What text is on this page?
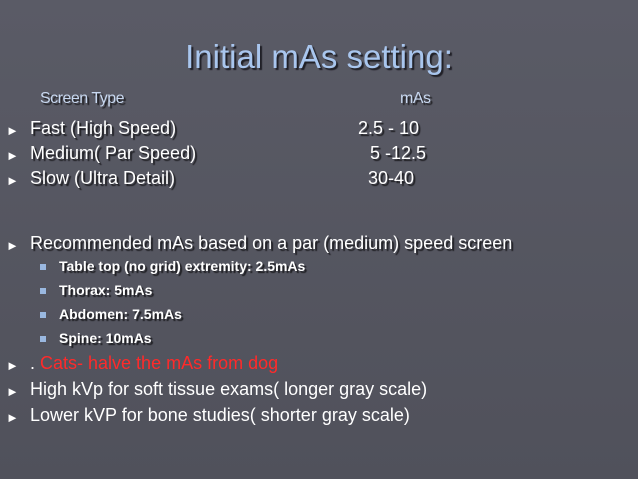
Initial mAs setting:
Screen Type	mAs
► Fast (High Speed)	2.5 - 10
► Medium( Par Speed)	5 -12.5
► Slow (Ultra Detail)	30-40
► Recommended mAs based on a par (medium) speed screen
Table top (no grid) extremity: 2.5mAs
Thorax: 5mAs
Abdomen: 7.5mAs
Spine: 10mAs
► . Cats- halve the mAs from dog
► High kVp for soft tissue exams( longer gray scale)
► Lower kVP for bone studies( shorter gray scale)
